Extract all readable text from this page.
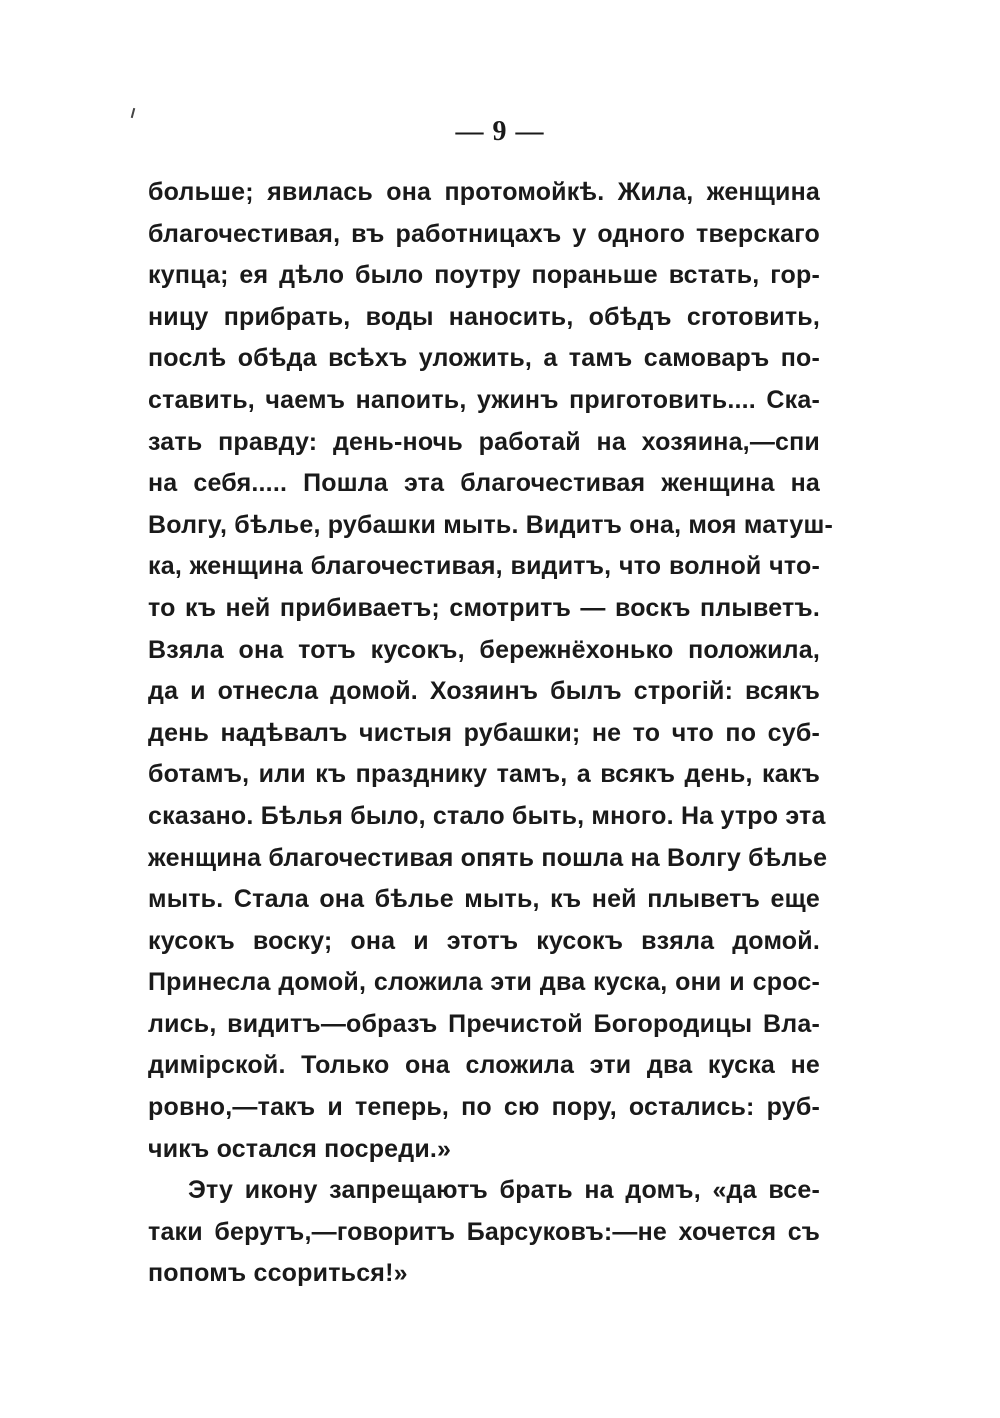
— 9 —
больше; явилась она протомойкѣ. Жила, женщина
благочестивая, въ работницахъ у одного тверскаго
купца; ея дѣло было поутру пораньше встать, гор-
ницу прибрать, воды наносить, обѣдъ сготовить,
послѣ обѣда всѣхъ уложить, а тамъ самоваръ по-
ставить, чаемъ напоить, ужинъ приготовить.... Ска-
зать правду: день-ночь работай на хозяина,—спи
на себя..... Пошла эта благочестивая женщина на
Волгу, бѣлье, рубашки мыть. Видитъ она, моя матуш-
ка, женщина благочестивая, видитъ, что волной что-
то къ ней прибиваетъ; смотритъ — воскъ плыветъ.
Взяла она тотъ кусокъ, бережнёхонько положила,
да и отнесла домой. Хозяинъ былъ строгій: всякъ
день надѣвалъ чистыя рубашки; не то что по суб-
ботамъ, или къ празднику тамъ, а всякъ день, какъ
сказано. Бѣлья было, стало быть, много. На утро эта
женщина благочестивая опять пошла на Волгу бѣлье
мыть. Стала она бѣлье мыть, къ ней плыветъ еще
кусокъ воску; она и этотъ кусокъ взяла домой.
Принесла домой, сложила эти два куска, они и срос-
лись, видитъ—образъ Пречистой Богородицы Вла-
димірской. Только она сложила эти два куска не
ровно,—такъ и теперь, по сю пору, остались: руб-
чикъ остался посреди.»
Эту икону запрещаютъ брать на домъ, «да все-
таки берутъ,—говоритъ Барсуковъ:—не хочется съ
попомъ ссориться!»
